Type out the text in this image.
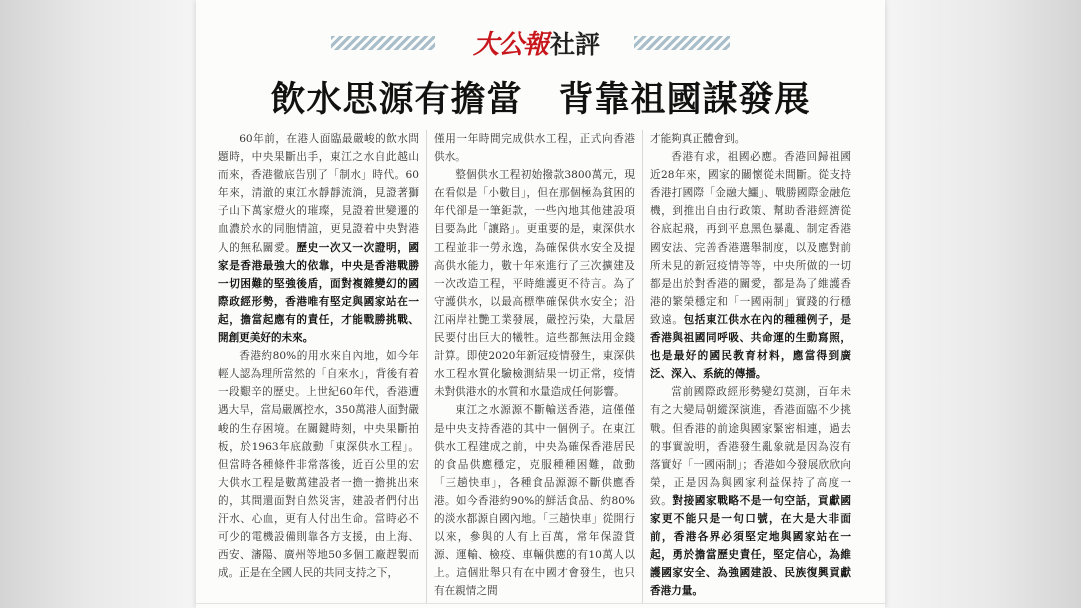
大公報社評
飲水思源有擔當　背靠祖國謀發展

60年前，在港人面臨最嚴峻的飲水問題時，中央果斷出手，東江之水自此越山而來，香港徹底告別了「制水」時代。60年來，清澈的東江水靜靜流淌，見證著獅子山下萬家燈火的璀璨，見證着世變遷的血濃於水的同胞情誼，更見證着中央對港人的無私關愛。歷史一次又一次證明，國家是香港最強大的依靠，中央是香港戰勝一切困難的堅強後盾，面對複雜變幻的國際政經形勢，香港唯有堅定與國家站在一起，擔當起應有的責任，才能戰勝挑戰、開創更美好的未來。

香港約80%的用水來自內地，如今年輕人認為理所當然的「自來水」，背後有着一段艱辛的歷史。上世紀60年代，香港遭遇大旱，當局嚴厲控水，350萬港人面對嚴峻的生存困境。在關鍵時刻，中央果斷拍板，於1963年底啟動「東深供水工程」。但當時各種條件非常落後，近百公里的宏大供水工程是數萬建設者一擔一擔挑出來的，其間還面對自然災害，建設者們付出汗水、心血，更有人付出生命。當時必不可少的電機設備則靠各方支援，由上海、西安、瀋陽、廣州等地50多個工廠趕製而成。正是在全國人民的共同支持之下，

僅用一年時間完成供水工程，正式向香港供水。

整個供水工程初始撥款3800萬元，現在看似是「小數目」，但在那個極為貧困的年代卻是一筆鉅款，一些內地其他建設項目要為此「讓路」。更重要的是，東深供水工程並非一勞永逸，為確保供水安全及提高供水能力，數十年來進行了三次擴建及一次改造工程，平時維護更不待言。為了守護供水，以最高標準確保供水安全；沿江兩岸社艷工業發展，嚴控污染，大量居民要付出巨大的犧牲。這些都無法用金錢計算。即使2020年新冠疫情發生，東深供水工程水質化驗檢測結果一切正常，疫情未對供港水的水質和水量造成任何影響。

東江之水源源不斷輸送香港，這僅僅是中央支持香港的其中一個例子。在東江供水工程建成之前，中央為確保香港居民的食品供應穩定，克服種種困難，啟動「三趟快車」，各種食品源源不斷供應香港。如今香港約90%的鮮活食品、約80%的淡水都源自國內地。「三趟快車」從開行以來，參與的人有上百萬，常年保證貨源、運輸、檢疫、車輛供應的有10萬人以上。這個壯舉只有在中國才會發生，也只有在親情之間

才能夠真正體會到。

香港有求，祖國必應。香港回歸祖國近28年來，國家的關懷從未間斷。從支持香港打國際「金融大鱷」、戰勝國際金融危機，到推出自由行政策、幫助香港經濟從谷底起飛，再到平息黑色暴亂、制定香港國安法、完善香港選舉制度，以及應對前所未見的新冠疫情等等，中央所做的一切都是出於對香港的關愛，都是為了維護香港的繁榮穩定和「一國兩制」實踐的行穩致遠。包括東江供水在內的種種例子，是香港與祖國同呼吸、共命運的生動寫照，也是最好的國民教育材料，應當得到廣泛、深入、系統的傳播。

當前國際政經形勢變幻莫測，百年未有之大變局朝縱深演進，香港面臨不少挑戰。但香港的前途與國家緊密相連，過去的事實說明，香港發生亂象就是因為沒有落實好「一國兩制」；香港如今發展欣欣向榮，正是因為與國家利益保持了高度一致。對接國家戰略不是一句空話，貢獻國家更不能只是一句口號，在大是大非面前，香港各界必須堅定地與國家站在一起，勇於擔當歷史責任，堅定信心，為維護國家安全、為強國建設、民族復興貢獻香港力量。
